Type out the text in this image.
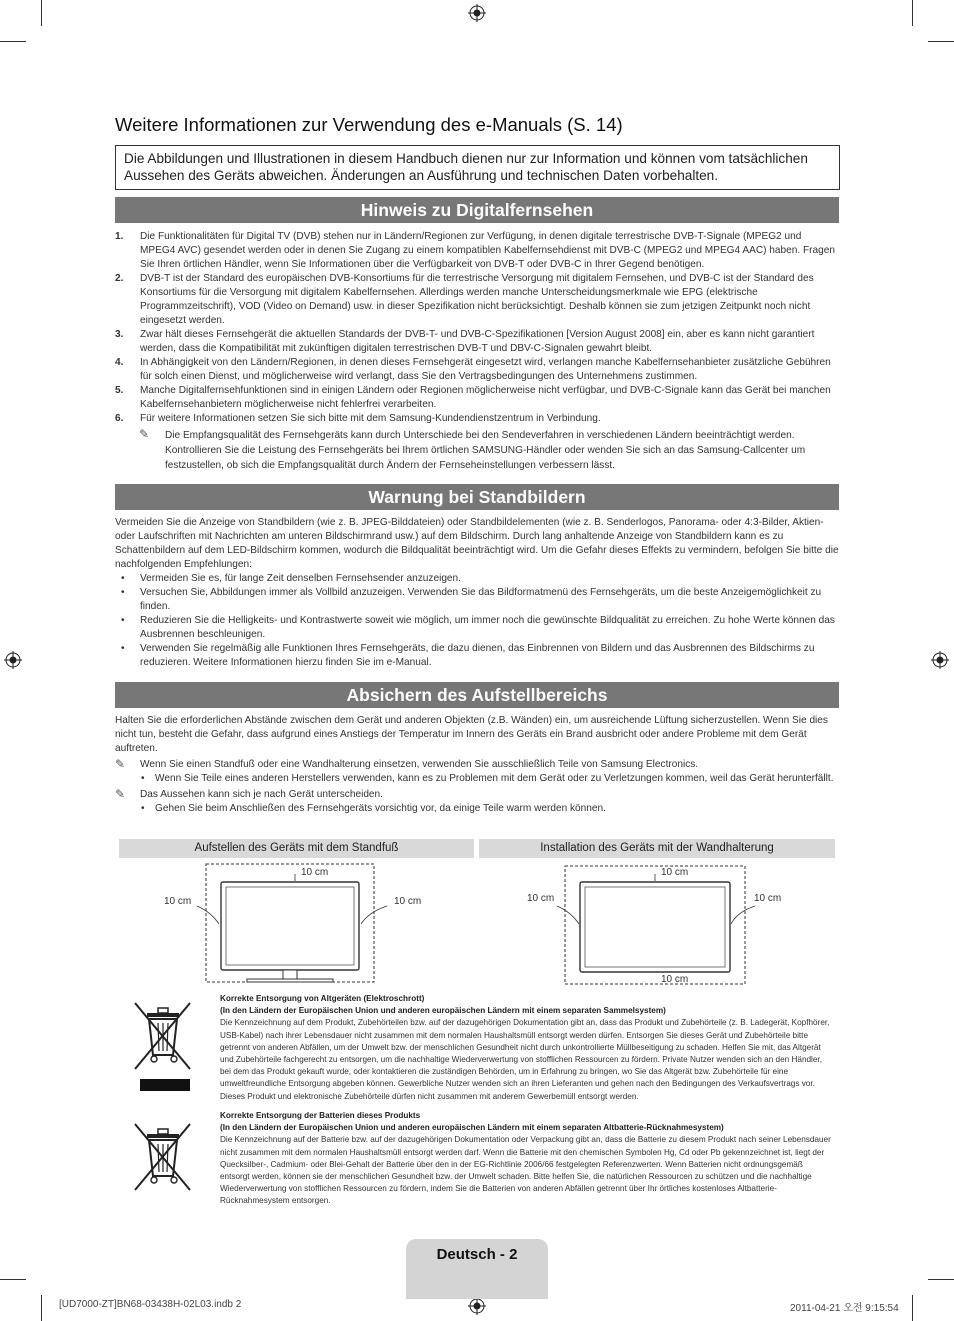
Weitere Informationen zur Verwendung des e-Manuals (S. 14)
Die Abbildungen und Illustrationen in diesem Handbuch dienen nur zur Information und können vom tatsächlichen Aussehen des Geräts abweichen. Änderungen an Ausführung und technischen Daten vorbehalten.
Hinweis zu Digitalfernsehen
1. Die Funktionalitäten für Digital TV (DVB) stehen nur in Ländern/Regionen zur Verfügung, in denen digitale terrestrische DVB-T-Signale (MPEG2 und MPEG4 AVC) gesendet werden oder in denen Sie Zugang zu einem kompatiblen Kabelfernsehdienst mit DVB-C (MPEG2 und MPEG4 AAC) haben. Fragen Sie Ihren örtlichen Händler, wenn Sie Informationen über die Verfügbarkeit von DVB-T oder DVB-C in Ihrer Gegend benötigen.
2. DVB-T ist der Standard des europäischen DVB-Konsortiums für die terrestrische Versorgung mit digitalem Fernsehen, und DVB-C ist der Standard des Konsortiums für die Versorgung mit digitalem Kabelfernsehen. Allerdings werden manche Unterscheidungsmerkmale wie EPG (elektrische Programmzeitschrift), VOD (Video on Demand) usw. in dieser Spezifikation nicht berücksichtigt. Deshalb können sie zum jetzigen Zeitpunkt noch nicht eingesetzt werden.
3. Zwar hält dieses Fernsehgerät die aktuellen Standards der DVB-T- und DVB-C-Spezifikationen [Version August 2008] ein, aber es kann nicht garantiert werden, dass die Kompatibilität mit zukünftigen digitalen terrestrischen DVB-T und DBV-C-Signalen gewahrt bleibt.
4. In Abhängigkeit von den Ländern/Regionen, in denen dieses Fernsehgerät eingesetzt wird, verlangen manche Kabelfernsehanbieter zusätzliche Gebühren für solch einen Dienst, und möglicherweise wird verlangt, dass Sie den Vertragsbedingungen des Unternehmens zustimmen.
5. Manche Digitalfernsehfunktionen sind in einigen Ländern oder Regionen möglicherweise nicht verfügbar, und DVB-C-Signale kann das Gerät bei manchen Kabelfernsehanbietern möglicherweise nicht fehlerfrei verarbeiten.
6. Für weitere Informationen setzen Sie sich bitte mit dem Samsung-Kundendienstzentrum in Verbindung.
✎ Die Empfangsqualität des Fernsehgeräts kann durch Unterschiede bei den Sendeverfahren in verschiedenen Ländern beeinträchtigt werden. Kontrollieren Sie die Leistung des Fernsehgeräts bei Ihrem örtlichen SAMSUNG-Händler oder wenden Sie sich an das Samsung-Callcenter um festzustellen, ob sich die Empfangsqualität durch Ändern der Fernseheinstellungen verbessern lässt.
Warnung bei Standbildern
Vermeiden Sie die Anzeige von Standbildern (wie z. B. JPEG-Bilddateien) oder Standbildelementen (wie z. B. Senderlogos, Panorama- oder 4:3-Bilder, Aktien- oder Laufschriften mit Nachrichten am unteren Bildschirmrand usw.) auf dem Bildschirm. Durch lang anhaltende Anzeige von Standbildern kann es zu Schattenbildern auf dem LED-Bildschirm kommen, wodurch die Bildqualität beeinträchtigt wird. Um die Gefahr dieses Effekts zu vermindern, befolgen Sie bitte die nachfolgenden Empfehlungen:
• Vermeiden Sie es, für lange Zeit denselben Fernsehsender anzuzeigen.
• Versuchen Sie, Abbildungen immer als Vollbild anzuzeigen. Verwenden Sie das Bildformatmenü des Fernsehgeräts, um die beste Anzeigemöglichkeit zu finden.
• Reduzieren Sie die Helligkeits- und Kontrastwerte soweit wie möglich, um immer noch die gewünschte Bildqualität zu erreichen. Zu hohe Werte können das Ausbrennen beschleunigen.
• Verwenden Sie regelmäßig alle Funktionen Ihres Fernsehgeräts, die dazu dienen, das Einbrennen von Bildern und das Ausbrennen des Bildschirms zu reduzieren. Weitere Informationen hierzu finden Sie im e-Manual.
Absichern des Aufstellbereichs
Halten Sie die erforderlichen Abstände zwischen dem Gerät und anderen Objekten (z.B. Wänden) ein, um ausreichende Lüftung sicherzustellen. Wenn Sie dies nicht tun, besteht die Gefahr, dass aufgrund eines Anstiegs der Temperatur im Innern des Geräts ein Brand ausbricht oder andere Probleme mit dem Gerät auftreten.
✎ Wenn Sie einen Standfuß oder eine Wandhalterung einsetzen, verwenden Sie ausschließlich Teile von Samsung Electronics.
• Wenn Sie Teile eines anderen Herstellers verwenden, kann es zu Problemen mit dem Gerät oder zu Verletzungen kommen, weil das Gerät herunterfällt.
✎ Das Aussehen kann sich je nach Gerät unterscheiden.
• Gehen Sie beim Anschließen des Fernsehgeräts vorsichtig vor, da einige Teile warm werden können.
Aufstellen des Geräts mit dem Standfuß	Installation des Geräts mit der Wandhalterung
10 cm
10 cm	10 cm
10 cm
10 cm	10 cm
10 cm
Korrekte Entsorgung von Altgeräten (Elektroschrott)
(In den Ländern der Europäischen Union und anderen europäischen Ländern mit einem separaten Sammelsystem)
Die Kennzeichnung auf dem Produkt, Zubehörteilen bzw. auf der dazugehörigen Dokumentation gibt an, dass das Produkt und Zubehörteile (z. B. Ladegerät, Kopfhörer, USB-Kabel) nach ihrer Lebensdauer nicht zusammen mit dem normalen Haushaltsmüll entsorgt werden dürfen. Entsorgen Sie dieses Gerät und Zubehörteile bitte getrennt von anderen Abfällen, um der Umwelt bzw. der menschlichen Gesundheit nicht durch unkontrollierte Müllbeseitigung zu schaden. Helfen Sie mit, das Altgerät und Zubehörteile fachgerecht zu entsorgen, um die nachhaltige Wiederverwertung von stofflichen Ressourcen zu fördern. Private Nutzer wenden sich an den Händler, bei dem das Produkt gekauft wurde, oder kontaktieren die zuständigen Behörden, um in Erfahrung zu bringen, wo Sie das Altgerät bzw. Zubehörteile für eine umweltfreundliche Entsorgung abgeben können. Gewerbliche Nutzer wenden sich an ihren Lieferanten und gehen nach den Bedingungen des Verkaufsvertrags vor. Dieses Produkt und elektronische Zubehörteile dürfen nicht zusammen mit anderem Gewerbemüll entsorgt werden.
Korrekte Entsorgung der Batterien dieses Produkts
(In den Ländern der Europäischen Union und anderen europäischen Ländern mit einem separaten Altbatterie-Rücknahmesystem)
Die Kennzeichnung auf der Batterie bzw. auf der dazugehörigen Dokumentation oder Verpackung gibt an, dass die Batterie zu diesem Produkt nach seiner Lebensdauer nicht zusammen mit dem normalen Haushaltsmüll entsorgt werden darf. Wenn die Batterie mit den chemischen Symbolen Hg, Cd oder Pb gekennzeichnet ist, liegt der Quecksilber-, Cadmium- oder Blei-Gehalt der Batterie über den in der EG-Richtlinie 2006/66 festgelegten Referenzwerten. Wenn Batterien nicht ordnungsgemäß entsorgt werden, können sie der menschlichen Gesundheit bzw. der Umwelt schaden. Bitte helfen Sie, die natürlichen Ressourcen zu schützen und die nachhaltige Wiederverwertung von stofflichen Ressourcen zu fördern, indem Sie die Batterien von anderen Abfällen getrennt über Ihr örtliches kostenloses Altbatterie- Rücknahmesystem entsorgen.
Deutsch - 2
[UD7000-ZT]BN68-03438H-02L03.indb 2	2011-04-21 오전 9:15:54
